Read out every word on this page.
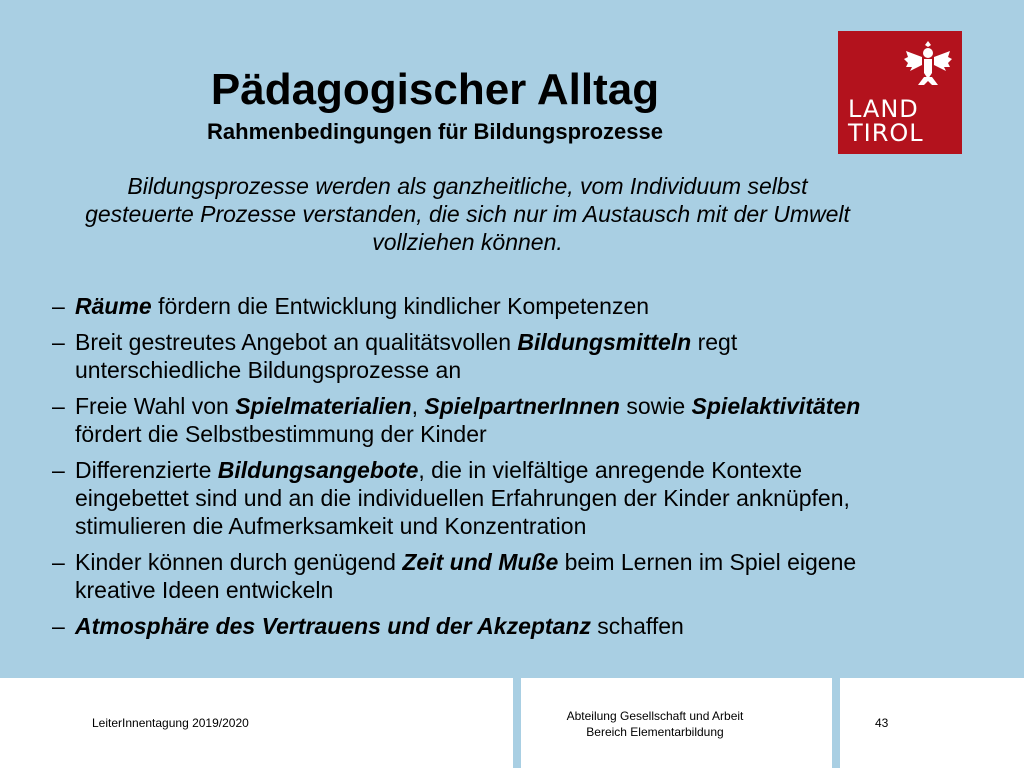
LAND
TIROL
Pädagogischer Alltag
Rahmenbedingungen für Bildungsprozesse
Bildungsprozesse werden als ganzheitliche, vom Individuum selbst gesteuerte Prozesse verstanden, die sich nur im Austausch mit der Umwelt vollziehen können.
– Räume fördern die Entwicklung kindlicher Kompetenzen
– Breit gestreutes Angebot an qualitätsvollen Bildungsmitteln regt unterschiedliche Bildungsprozesse an
– Freie Wahl von Spielmaterialien, SpielpartnerInnen sowie Spielaktivitäten fördert die Selbstbestimmung der Kinder
– Differenzierte Bildungsangebote, die in vielfältige anregende Kontexte eingebettet sind und an die individuellen Erfahrungen der Kinder anknüpfen, stimulieren die Aufmerksamkeit und Konzentration
– Kinder können durch genügend Zeit und Muße beim Lernen im Spiel eigene kreative Ideen entwickeln
– Atmosphäre des Vertrauens und der Akzeptanz schaffen
LeiterInnentagung 2019/2020	Abteilung Gesellschaft und Arbeit
Bereich Elementarbildung
43
